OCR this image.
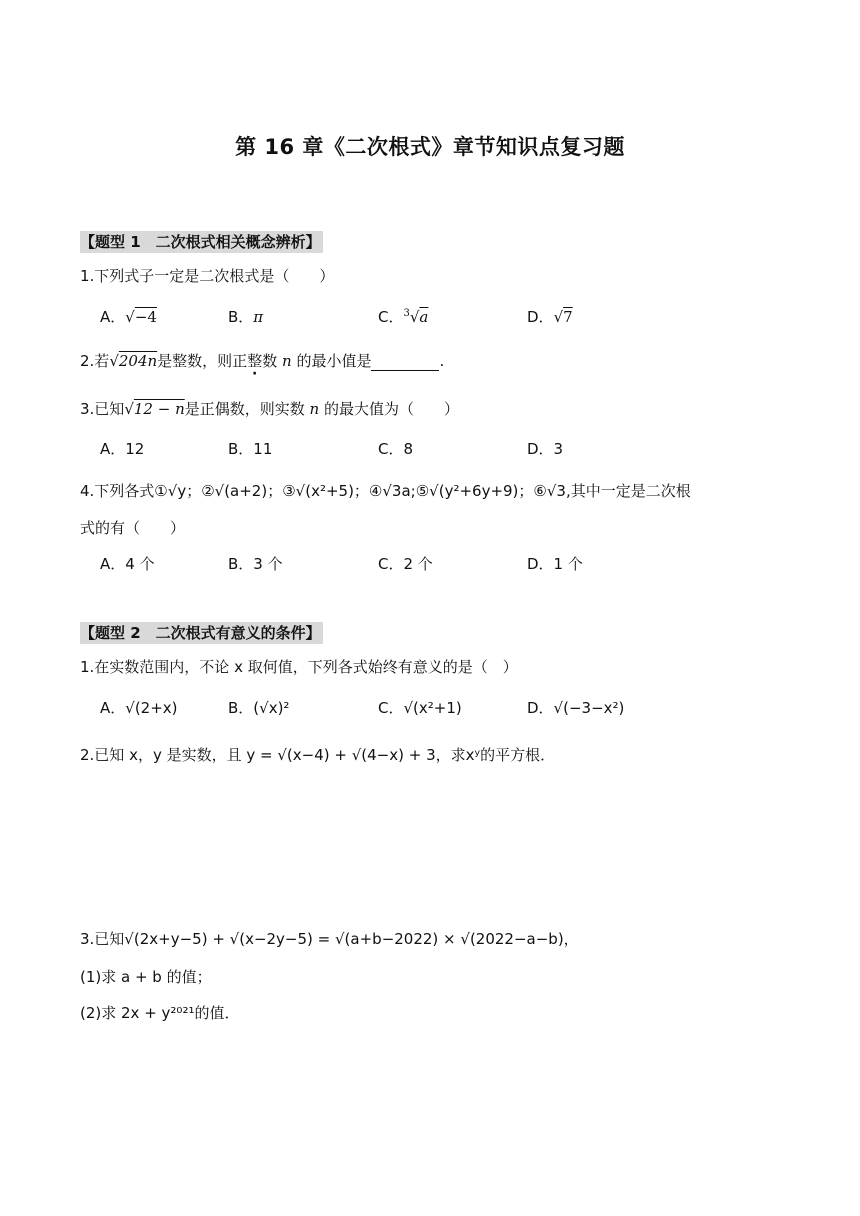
第 16 章《二次根式》章节知识点复习题
【题型 1　二次根式相关概念辨析】
1.下列式子一定是二次根式是（　　）
A．√−4	B．π	C．$^3$√a	D．√7
2.若√204n是整数，则正整数 n 的最小值是	.
3.已知√12 − n是正偶数，则实数 n 的最大值为（　　）
A．12	B．11	C．8	D．3
4.下列各式①√y；②√(a+2)；③√(x²+5)；④√3a;⑤√(y²+6y+9)；⑥√3,其中一定是二次根
式的有（　　）
A．4 个	B．3 个	C．2 个	D．1 个
【题型 2　二次根式有意义的条件】
1.在实数范围内，不论 x 取何值，下列各式始终有意义的是（　）
A．√(2+x)	B．(√x)²	C．√(x²+1)	D．√(−3−x²)
2.已知 x，y 是实数，且 y = √(x−4) + √(4−x) + 3，求xʸ的平方根．
3.已知√(2x+y−5) + √(x−2y−5) = √(a+b−2022) × √(2022−a−b)，
(1)求 a + b 的值；
(2)求 2x + y²⁰²¹的值．
